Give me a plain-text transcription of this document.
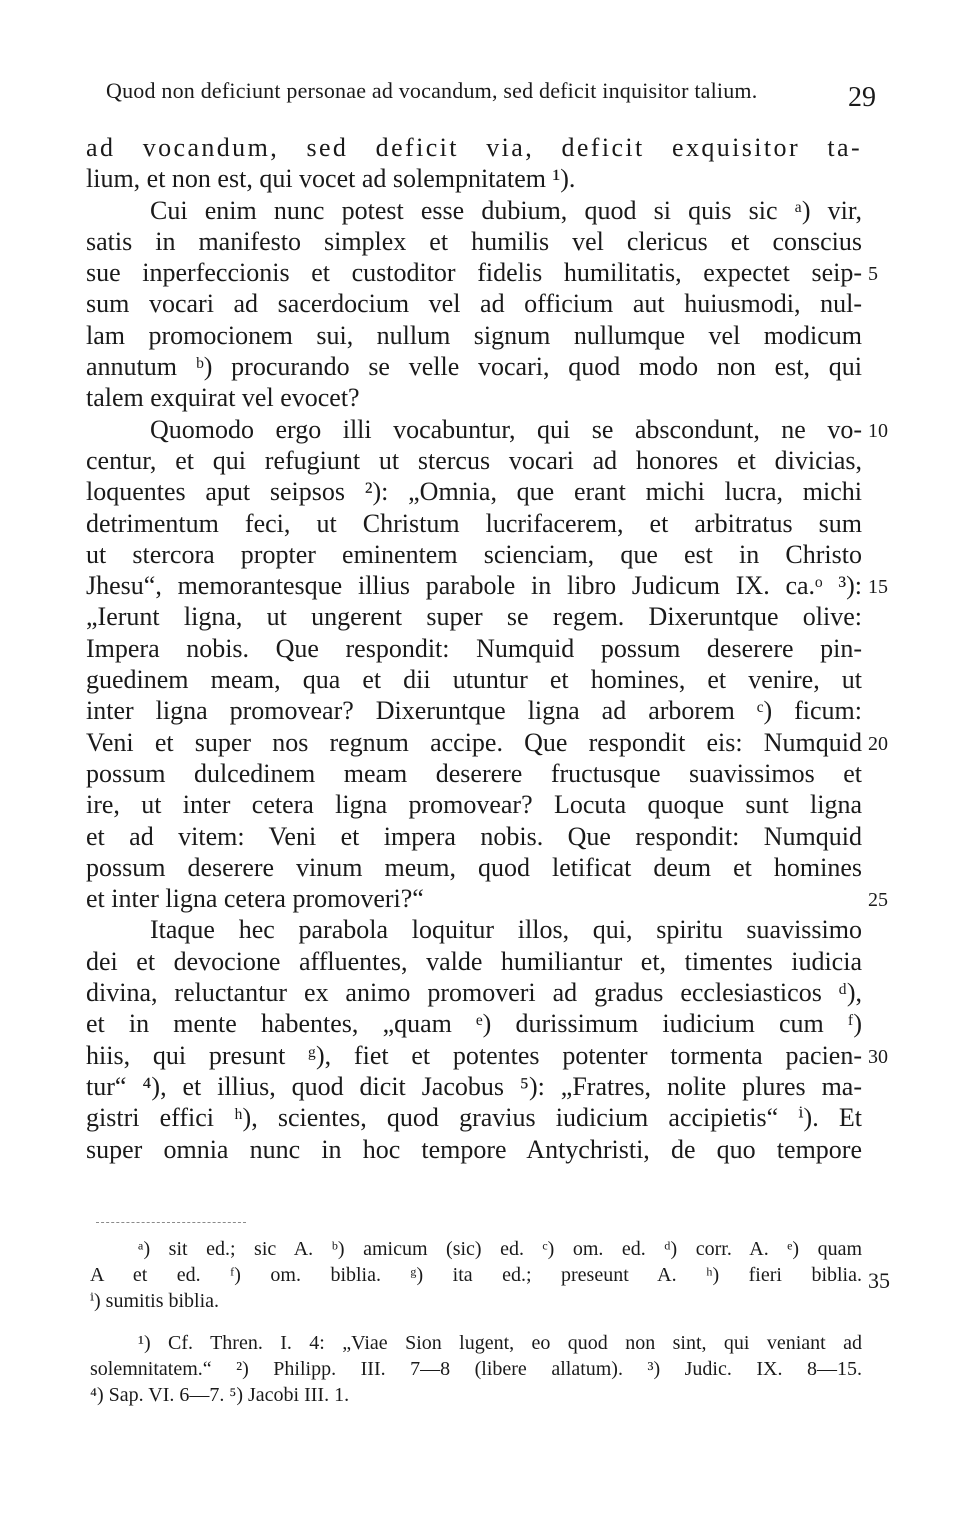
Quod non deficiunt personae ad vocandum, sed deficit inquisitor talium.	29
ad vocandum, sed deficit via, deficit exquisitor ta-
lium, et non est, qui vocet ad solempnitatem ¹).
Cui enim nunc potest esse dubium, quod si quis sic ᵃ) vir,
satis in manifesto simplex et humilis vel clericus et conscius
sue inperfeccionis et custoditor fidelis humilitatis, expectet seip-
sum vocari ad sacerdocium vel ad officium aut huiusmodi, nul-
lam promocionem sui, nullum signum nullumque vel modicum
annutum ᵇ) procurando se velle vocari, quod modo non est, qui
talem exquirat vel evocet?
Quomodo ergo illi vocabuntur, qui se abscondunt, ne vo-
centur, et qui refugiunt ut stercus vocari ad honores et divicias,
loquentes aput seipsos ²): „Omnia, que erant michi lucra, michi
detrimentum feci, ut Christum lucrifacerem, et arbitratus sum
ut stercora propter eminentem scienciam, que est in Christo
Jhesu“, memorantesque illius parabole in libro Judicum IX. ca.ᵒ ³):
„Ierunt ligna, ut ungerent super se regem. Dixeruntque olive:
Impera nobis. Que respondit: Numquid possum deserere pin-
guedinem meam, qua et dii utuntur et homines, et venire, ut
inter ligna promovear? Dixeruntque ligna ad arborem ᶜ) ficum:
Veni et super nos regnum accipe. Que respondit eis: Numquid
possum dulcedinem meam deserere fructusque suavissimos et
ire, ut inter cetera ligna promovear? Locuta quoque sunt ligna
et ad vitem: Veni et impera nobis. Que respondit: Numquid
possum deserere vinum meum, quod letificat deum et homines
et inter ligna cetera promoveri?“
Itaque hec parabola loquitur illos, qui, spiritu suavissimo
dei et devocione affluentes, valde humiliantur et, timentes iudicia
divina, reluctantur ex animo promoveri ad gradus ecclesiasticos ᵈ),
et in mente habentes, „quam ᵉ) durissimum iudicium cum ᶠ)
hiis, qui presunt ᵍ), fiet et potentes potenter tormenta pacien-
tur“ ⁴), et illius, quod dicit Jacobus ⁵): „Fratres, nolite plures ma-
gistri effici ʰ), scientes, quod gravius iudicium accipietis“ ⁱ). Et
super omnia nunc in hoc tempore Antychristi, de quo tempore
5
10
15
20
25
30
ᵃ) sit ed.; sic A. ᵇ) amicum (sic) ed. ᶜ) om. ed. ᵈ) corr. A. ᵉ) quam
A et ed. ᶠ) om. biblia. ᵍ) ita ed.; preseunt A. ʰ) fieri biblia.
ⁱ) sumitis biblia.
¹) Cf. Thren. I. 4: „Viae Sion lugent, eo quod non sint, qui veniant ad
solemnitatem.“ ²) Philipp. III. 7—8 (libere allatum). ³) Judic. IX. 8—15.
⁴) Sap. VI. 6—7. ⁵) Jacobi III. 1.
35
